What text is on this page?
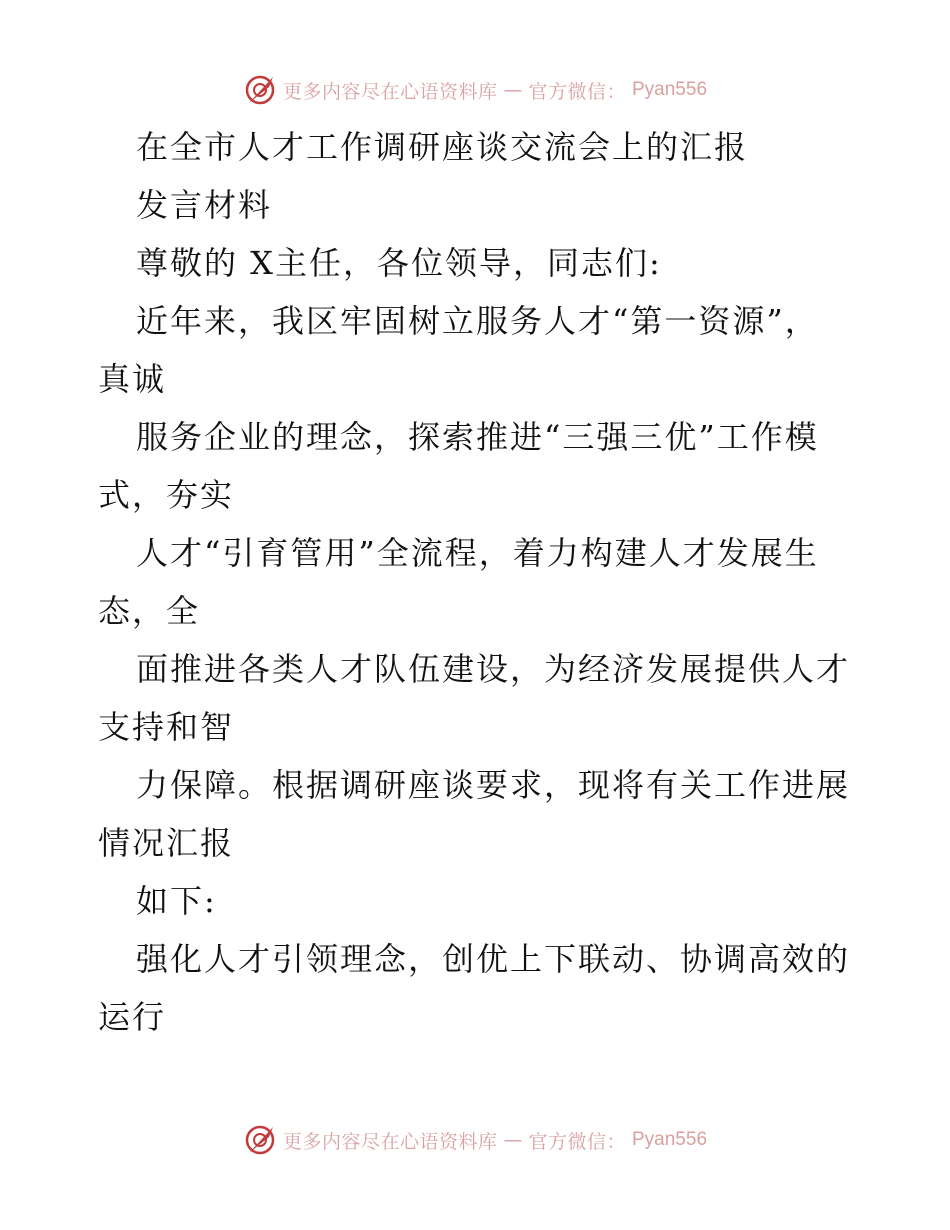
更多内容尽在心语资料库 — 官方微信： Pyan556
在全市人才工作调研座谈交流会上的汇报
发言材料
尊敬的 X主任，各位领导，同志们:
近年来，我区牢固树立服务人才“第一资源”，
真诚
服务企业的理念，探索推进“三强三优”工作模
式，夯实
人才“引育管用”全流程，着力构建人才发展生
态，全
面推进各类人才队伍建设，为经济发展提供人才
支持和智
力保障。根据调研座谈要求，现将有关工作进展
情况汇报
如下:
强化人才引领理念，创优上下联动、协调高效的
运行
更多内容尽在心语资料库 — 官方微信： Pyan556
